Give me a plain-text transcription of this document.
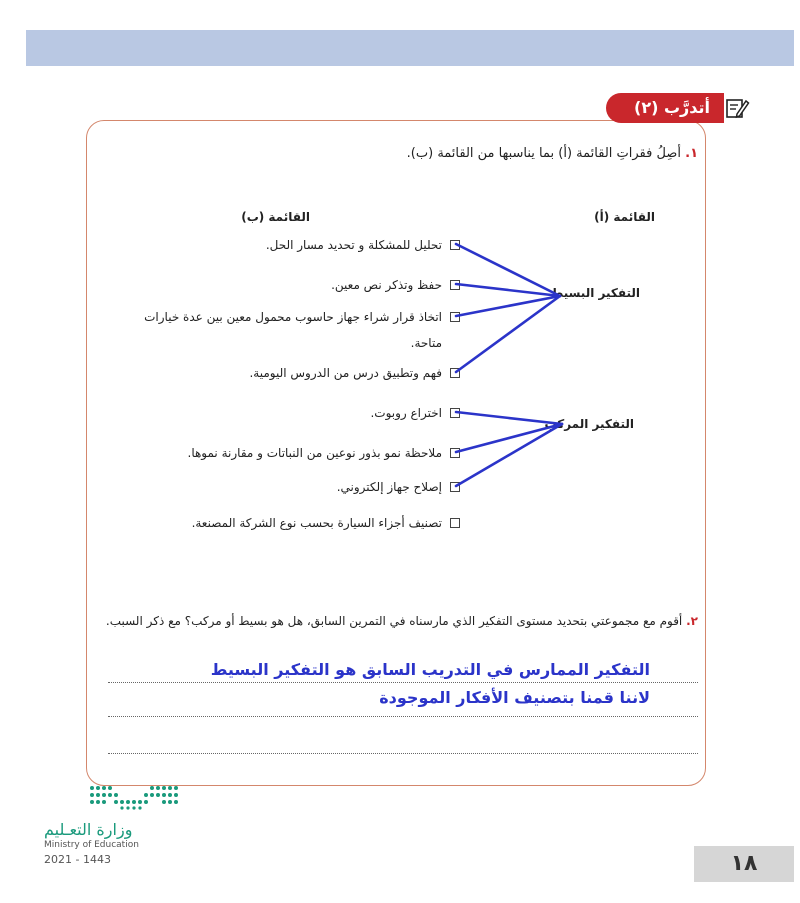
أتدرَّب (٢)
١. أصِلُ فقراتِ القائمة (أ) بما يناسبها من القائمة (ب).
القائمة (أ)
القائمة (ب)
تحليل للمشكلة و تحديد مسار الحل.
حفظ وتذكر نص معين.
اتخاذ قرار شراء جهاز حاسوب محمول معين بين عدة خيارات
متاحة.
فهم وتطبيق درس من الدروس اليومية.
اختراع روبوت.
ملاحظة نمو بذور نوعين من النباتات و مقارنة نموها.
إصلاح جهاز إلكتروني.
تصنيف أجزاء السيارة بحسب نوع الشركة المصنعة.
التفكير البسيط
التفكير المركب
٢. أقوم مع مجموعتي بتحديد مستوى التفكير الذي مارسناه في التمرين السابق، هل هو بسيط أو مركب؟ مع ذكر السبب.
التفكير الممارس في التدريب السابق هو التفكير البسيط
لاننا قمنا بتصنيف الأفكار الموجودة
وزارة التعـليم
Ministry of Education
2021 - 1443	١٨
